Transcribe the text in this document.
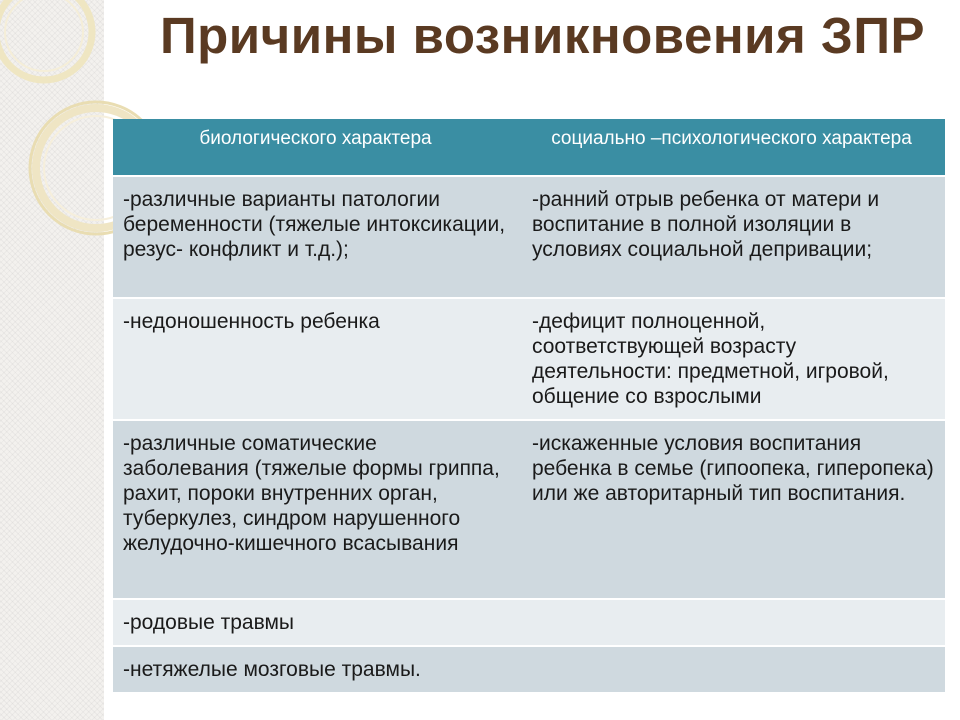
Причины возникновения ЗПР
биологического характера	социально –психологического характера
-различные варианты патологии беременности (тяжелые интоксикации, резус- конфликт и т.д.);	-ранний отрыв ребенка от матери и воспитание в полной изоляции в условиях социальной депривации;
-недоношенность ребенка	-дефицит полноценной, соответствующей возрасту деятельности: предметной, игровой, общение со взрослыми
-различные соматические заболевания (тяжелые формы гриппа, рахит, пороки внутренних орган, туберкулез, синдром нарушенного желудочно-кишечного всасывания	-искаженные условия воспитания ребенка в семье (гипоопека, гиперопека) или же авторитарный тип воспитания.
-родовые травмы	
-нетяжелые мозговые травмы.	
